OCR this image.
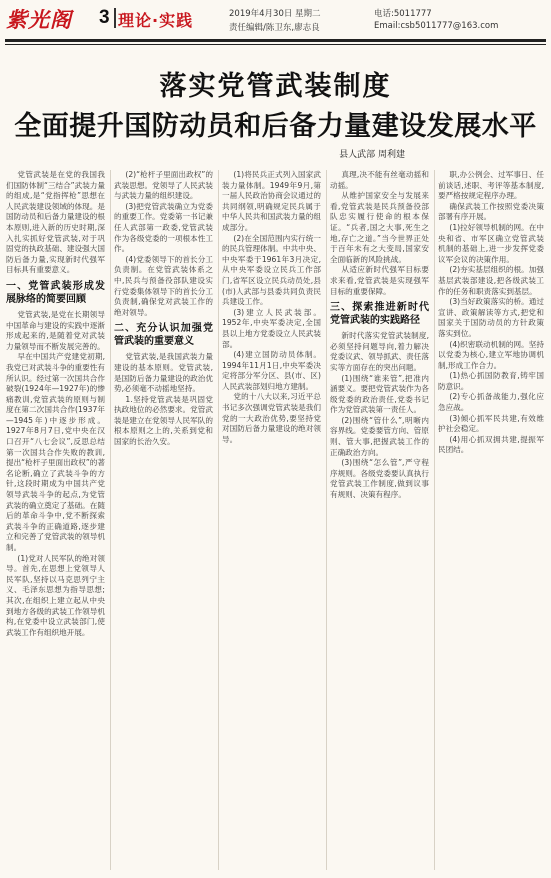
紫光阁	3 理论·实践	2019年4月30日 星期二
责任编辑/陈卫东,廖志良
电话:5011777
Email:csb5011777@163.com
落实党管武装制度
全面提升国防动员和后备力量建设发展水平
县人武部 周利建

党管武装是在党的我国我们国防体制“三结合”武装力量的组成,是“党指挥枪”思想在人民武装建设领域的体现。是国防动员和后备力量建设的根本原则,进入新的历史时期,深入扎实抓好党管武装,对于巩固党的执政基础、建设强大国防后备力量,实现新时代强军目标具有重要意义。

一、党管武装形成发展脉络的简要回顾

党管武装,是党在长期领导中国革命与建设的实践中逐渐形成起来的,是随着党对武装力量领导而不断发展完善的。

早在中国共产党建党初期,我党已对武装斗争的重要性有所认识。经过第一次国共合作破裂(1924年—1927年)的惨痛教训,党管武装的原则与制度在第二次国共合作(1937年—1945年)中逐步形成。1927年8月7日,党中央在汉口召开“八七会议”,反思总结第一次国共合作失败的教训,提出“枪杆子里面出政权”的著名论断,确立了武装斗争的方针,这段时期成为中国共产党领导武装斗争的起点,为党管武装的确立奠定了基础。在随后的革命斗争中,党不断探索武装斗争的正确道路,逐步建立和完善了党管武装的领导机制。

(1)党对人民军队的绝对领导。首先,在思想上党领导人民军队,坚持以马克思列宁主义、毛泽东思想为指导思想;其次,在组织上建立起从中央到地方各级的武装工作领导机构,在党委中设立武装部门,使武装工作有组织地开展。

(2)“枪杆子里面出政权”的武装思想。党领导了人民武装与武装力量的组织建设。

(3)把党管武装确立为党委的重要工作。党委第一书记兼任人武部第一政委,党管武装作为各级党委的一项根本性工作。

(4)党委领导下的首长分工负责制。在党管武装体系之中,民兵与预备役部队建设实行党委集体领导下的首长分工负责制,确保党对武装工作的绝对领导。

二、充分认识加强党管武装的重要意义

党管武装,是我国武装力量建设的基本原则。党管武装,是国防后备力量建设的政治优势,必须毫不动摇地坚持。

1.坚持党管武装是巩固党执政地位的必然要求。党管武装是建立在党领导人民军队的根本原则之上的,关系到党和国家的长治久安。

(1)将民兵正式列入国家武装力量体制。1949年9月,第一届人民政治协商会议通过的共同纲领,明确规定民兵属于中华人民共和国武装力量的组成部分。

(2)在全国范围内实行统一的民兵管理体制。中共中央、中央军委于1961年3月决定,从中央军委设立民兵工作部门,省军区设立民兵动员处,县(市)人武部与县委共同负责民兵建设工作。

(3)建立人民武装部。1952年,中央军委决定,全国县以上地方党委设立人民武装部。

(4)建立国防动员体制。1994年11月1日,中央军委决定将部分军分区、县(市、区)人民武装部划归地方建制。

党的十八大以来,习近平总书记多次强调党管武装是我们党的一大政治优势,要坚持党对国防后备力量建设的绝对领导。

真理,决不能有丝毫动摇和动摇。

从维护国家安全与发展来看,党管武装是民兵预备役部队忠实履行使命的根本保证。“兵者,国之大事,死生之地,存亡之道。”当今世界正处于百年未有之大变局,国家安全面临新的风险挑战。

从适应新时代强军目标要求来看,党管武装是实现强军目标的重要保障。

三、探索推进新时代党管武装的实践路径

新时代落实党管武装制度,必须坚持问题导向,着力解决党委议武、领导抓武、责任落实等方面存在的突出问题。

(1)围绕“谁来管”,把准内涵要义。要把党管武装作为各级党委的政治责任,党委书记作为党管武装第一责任人。

(2)围绕“管什么”,明晰内容界线。党委要管方向、管原则、管大事,把握武装工作的正确政治方向。

(3)围绕“怎么管”,严守程序规则。各级党委要认真执行党管武装工作制度,做到议事有规则、决策有程序。

职,办公例会、过军事日、任前谈话,述职、考评等基本制度,要严格按规定程序办理。

确保武装工作按照党委决策部署有序开展。

(1)拉好领导机制的网。在中央和省、市军区确立党管武装机制的基础上,进一步发挥党委议军会议的决策作用。

(2)夯实基层组织的根。加强基层武装部建设,把各级武装工作的任务和职责落实到基层。

(3)当好政策落实的桥。通过宣讲、政策解读等方式,把党和国家关于国防动员的方针政策落实到位。

(4)织密联动机制的网。坚持以党委为核心,建立军地协调机制,形成工作合力。

(1)热心抓国防教育,铸牢国防意识。

(2)专心抓备战能力,强化应急应战。

(3)倾心抓军民共建,有效维护社会稳定。

(4)用心抓双拥共建,提振军民团结。
